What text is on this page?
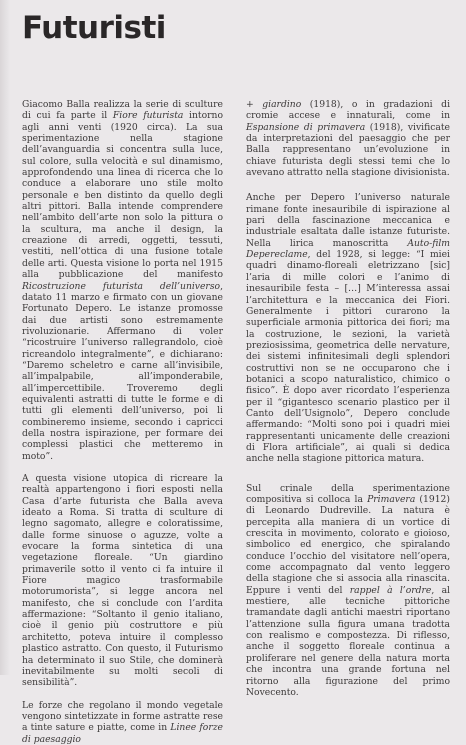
Futuristi

Giacomo Balla realizza la serie di sculture di cui fa parte il Fiore futurista intorno agli anni venti (1920 circa). La sua sperimentazione nella stagione dell’avanguardia si concentra sulla luce, sul colore, sulla velocità e sul dinamismo, approfondendo una linea di ricerca che lo conduce a elaborare uno stile molto personale e ben distinto da quello degli altri pittori. Balla intende comprendere nell’ambito dell’arte non solo la pittura o la scultura, ma anche il design, la creazione di arredi, oggetti, tessuti, vestiti, nell’ottica di una fusione totale delle arti. Questa visione lo porta nel 1915 alla pubblicazione del manifesto Ricostruzione futurista dell’universo, datato 11 marzo e firmato con un giovane Fortunato Depero. Le istanze promosse dai due artisti sono estremamente rivoluzionarie. Affermano di voler “ricostruire l’universo rallegrandolo, cioè ricreandolo integralmente”, e dichiarano: “Daremo scheletro e carne all’invisibile, all’impalpabile, all’imponderabile, all’impercettibile. Troveremo degli equivalenti astratti di tutte le forme e di tutti gli elementi dell’universo, poi li combineremo insieme, secondo i capricci della nostra ispirazione, per formare dei complessi plastici che metteremo in moto”.

A questa visione utopica di ricreare la realtà appartengono i fiori esposti nella Casa d’arte futurista che Balla aveva ideato a Roma. Si tratta di sculture di legno sagomato, allegre e coloratissime, dalle forme sinuose o aguzze, volte a evocare la forma sintetica di una vegetazione floreale. “Un giardino primaverile sotto il vento ci fa intuire il Fiore magico trasformabile motorumorista”, si legge ancora nel manifesto, che si conclude con l’ardita affermazione: “Soltanto il genio italiano, cioè il genio più costruttore e più architetto, poteva intuire il complesso plastico astratto. Con questo, il Futurismo ha determinato il suo Stile, che dominerà inevitabilmente su molti secoli di sensibilità”.

Le forze che regolano il mondo vegetale vengono sintetizzate in forme astratte rese a tinte sature e piatte, come in Linee forze di paesaggio

+ giardino (1918), o in gradazioni di cromie accese e innaturali, come in Espansione di primavera (1918), vivificate da interpretazioni del paesaggio che per Balla rappresentano un’evoluzione in chiave futurista degli stessi temi che lo avevano attratto nella stagione divisionista.

Anche per Depero l’universo naturale rimane fonte inesauribile di ispirazione al pari della fascinazione meccanica e industriale esaltata dalle istanze futuriste. Nella lirica manoscritta Auto-film Depereclame, del 1928, si legge: “I miei quadri dinamo-floreali eletrizzano [sic] l’aria di mille colori e l’animo di inesauribile festa – […] M’interessa assai l’architettura e la meccanica dei Fiori. Generalmente i pittori curarono la superficiale armonia pittorica dei fiori; ma la costruzione, le sezioni, la varietà preziosissima, geometrica delle nervature, dei sistemi infinitesimali degli splendori costruttivi non se ne occuparono che i botanici a scopo naturalistico, chimico o fisico”. È dopo aver ricordato l’esperienza per il “gigantesco scenario plastico per il Canto dell’Usignolo”, Depero conclude affermando: “Molti sono poi i quadri miei rappresentanti unicamente delle creazioni di Flora artificiale”, ai quali si dedica anche nella stagione pittorica matura.

Sul crinale della sperimentazione compositiva si colloca la Primavera (1912) di Leonardo Dudreville. La natura è percepita alla maniera di un vortice di crescita in movimento, colorato e gioioso, simbolico ed energico, che spiralando conduce l’occhio del visitatore nell’opera, come accompagnato dal vento leggero della stagione che si associa alla rinascita. Eppure i venti del rappel à l’ordre, al mestiere, alle tecniche pittoriche tramandate dagli antichi maestri riportano l’attenzione sulla figura umana tradotta con realismo e compostezza. Di riflesso, anche il soggetto floreale continua a proliferare nel genere della natura morta che incontra una grande fortuna nel ritorno alla figurazione del primo Novecento.
